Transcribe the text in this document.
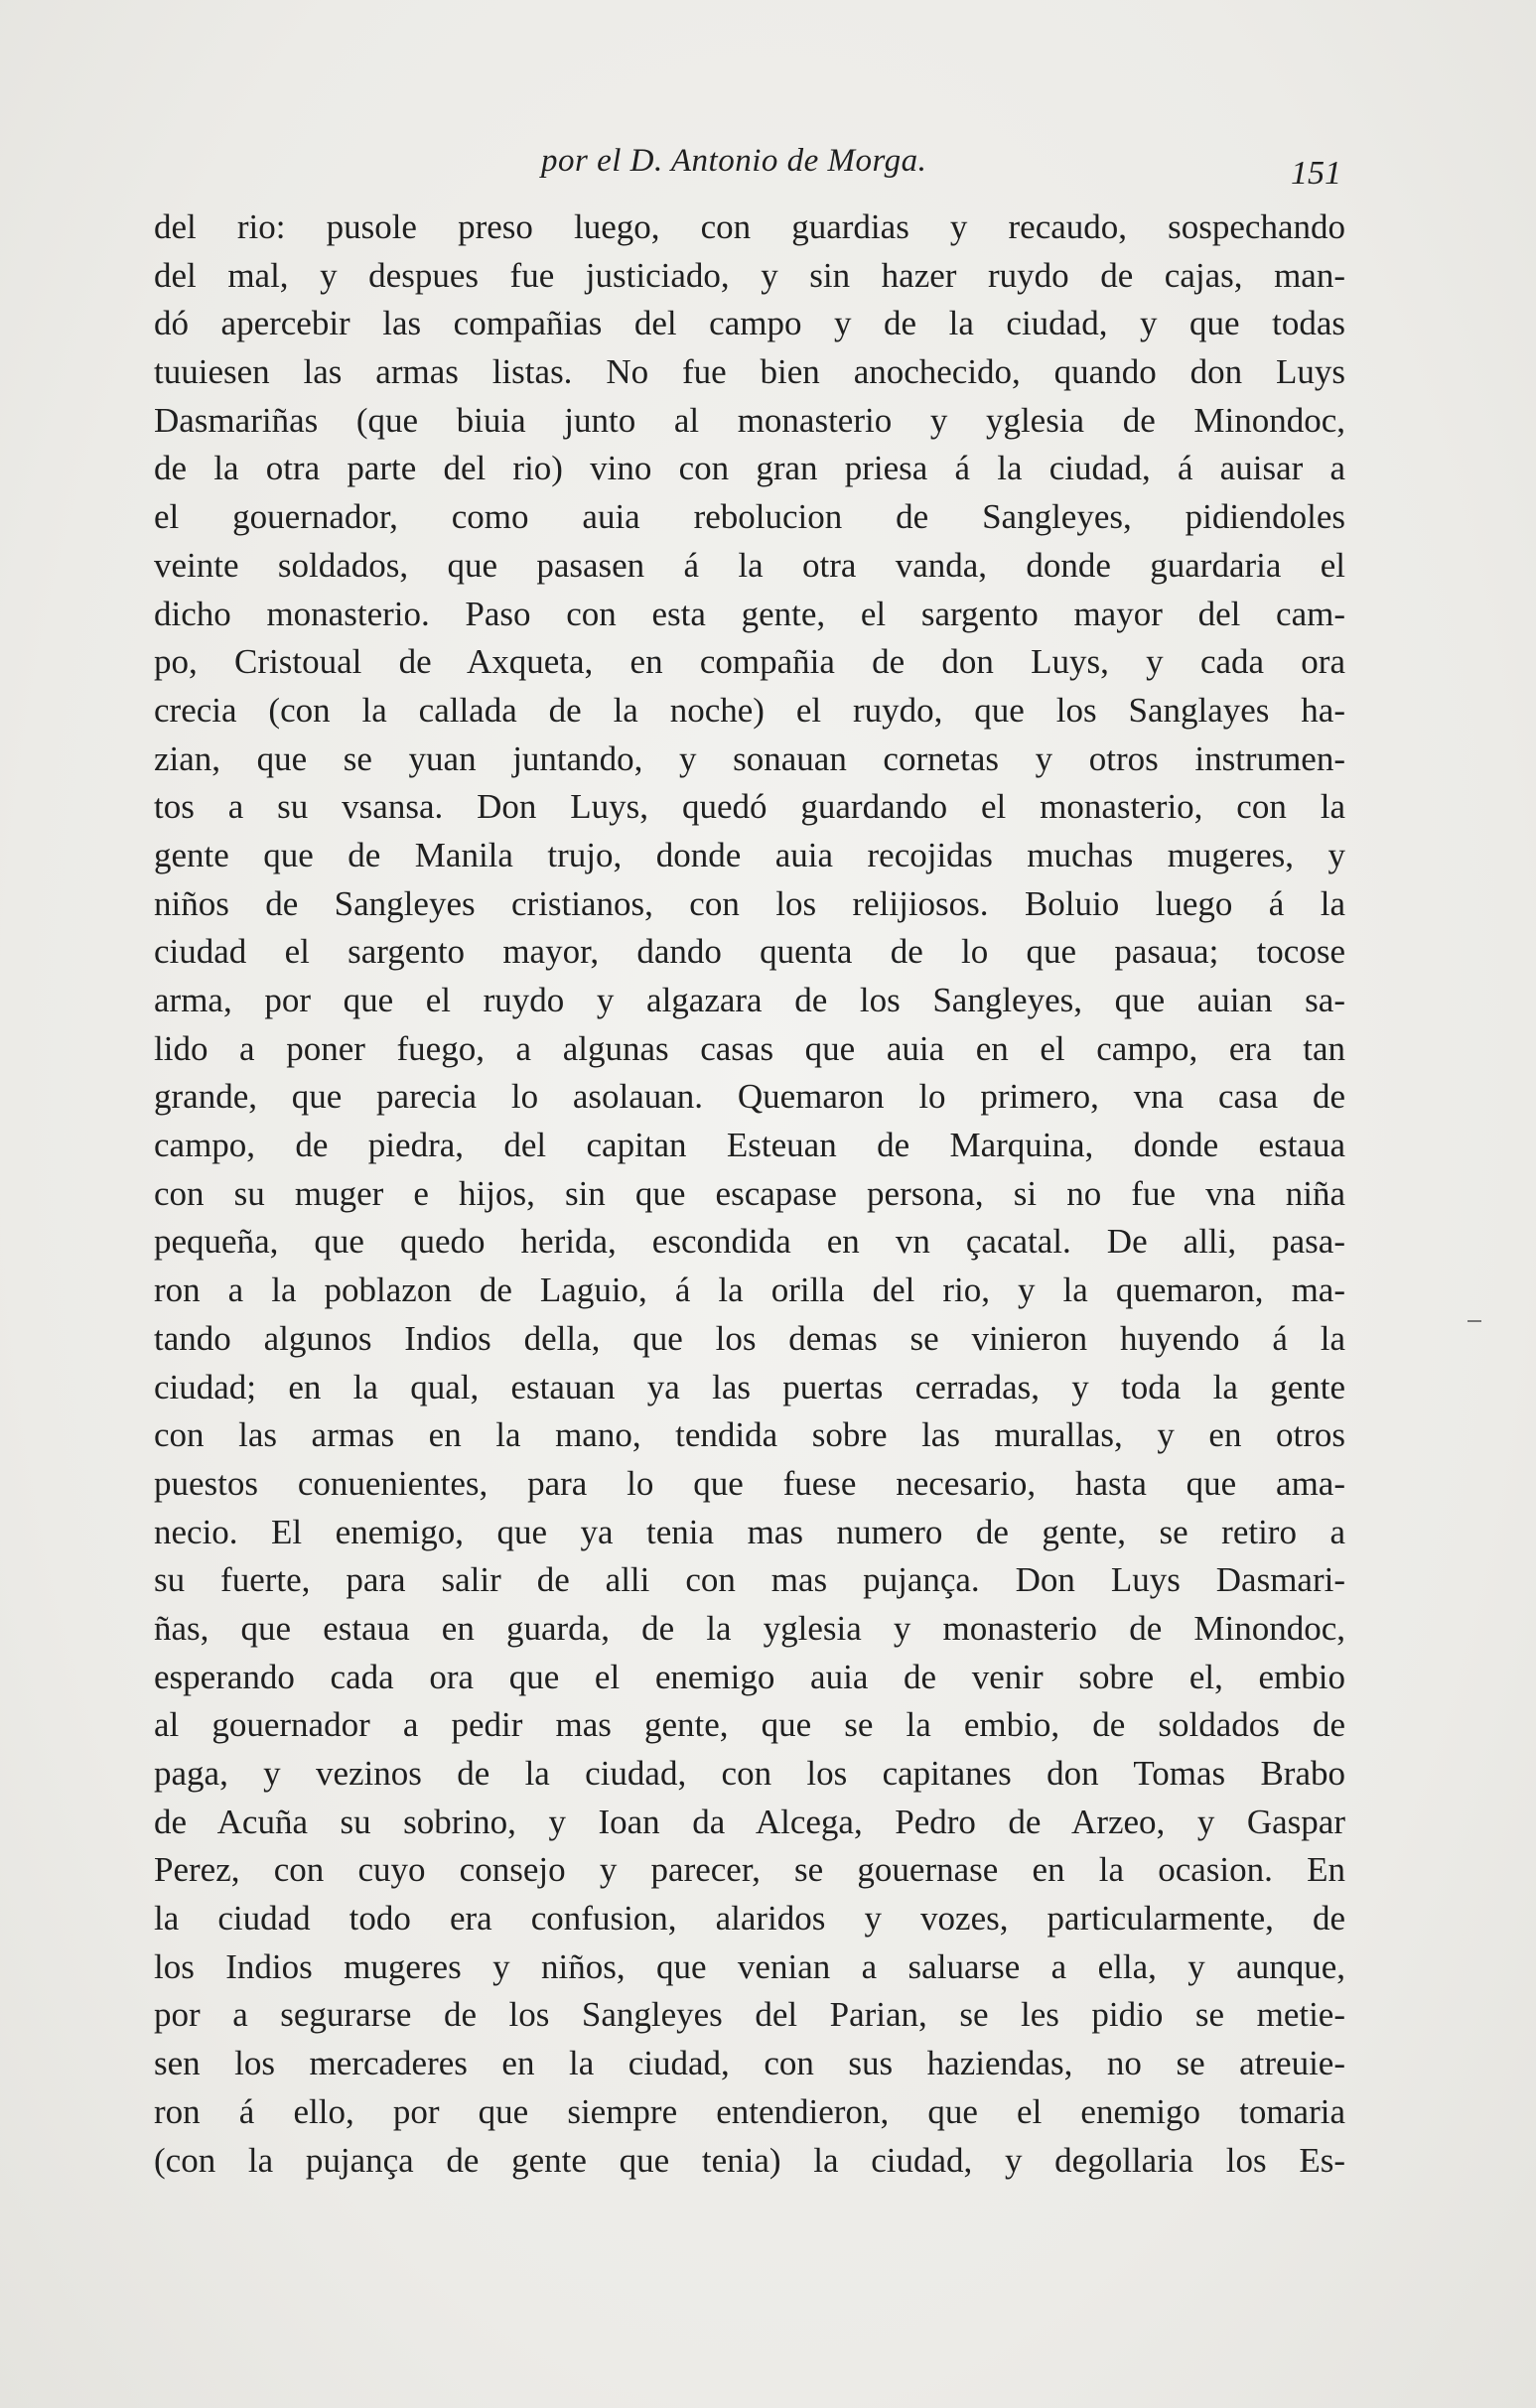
por el D. Antonio de Morga.	151
del rio: pusole preso luego, con guardias y recaudo, sospechando
del mal, y despues fue justiciado, y sin hazer ruydo de cajas, man-
dó apercebir las compañias del campo y de la ciudad, y que todas
tuuiesen las armas listas. No fue bien anochecido, quando don Luys
Dasmariñas (que biuia junto al monasterio y yglesia de Minondoc,
de la otra parte del rio) vino con gran priesa á la ciudad, á auisar a
el gouernador, como auia rebolucion de Sangleyes, pidiendoles
veinte soldados, que pasasen á la otra vanda, donde guardaria el
dicho monasterio. Paso con esta gente, el sargento mayor del cam-
po, Cristoual de Axqueta, en compañia de don Luys, y cada ora
crecia (con la callada de la noche) el ruydo, que los Sanglayes ha-
zian, que se yuan juntando, y sonauan cornetas y otros instrumen-
tos a su vsansa. Don Luys, quedó guardando el monasterio, con la
gente que de Manila trujo, donde auia recojidas muchas mugeres, y
niños de Sangleyes cristianos, con los relijiosos. Boluio luego á la
ciudad el sargento mayor, dando quenta de lo que pasaua; tocose
arma, por que el ruydo y algazara de los Sangleyes, que auian sa-
lido a poner fuego, a algunas casas que auia en el campo, era tan
grande, que parecia lo asolauan. Quemaron lo primero, vna casa de
campo, de piedra, del capitan Esteuan de Marquina, donde estaua
con su muger e hijos, sin que escapase persona, si no fue vna niña
pequeña, que quedo herida, escondida en vn çacatal. De alli, pasa-
ron a la poblazon de Laguio, á la orilla del rio, y la quemaron, ma-
tando algunos Indios della, que los demas se vinieron huyendo á la
ciudad; en la qual, estauan ya las puertas cerradas, y toda la gente
con las armas en la mano, tendida sobre las murallas, y en otros
puestos conuenientes, para lo que fuese necesario, hasta que ama-
necio. El enemigo, que ya tenia mas numero de gente, se retiro a
su fuerte, para salir de alli con mas pujança. Don Luys Dasmari-
ñas, que estaua en guarda, de la yglesia y monasterio de Minondoc,
esperando cada ora que el enemigo auia de venir sobre el, embio
al gouernador a pedir mas gente, que se la embio, de soldados de
paga, y vezinos de la ciudad, con los capitanes don Tomas Brabo
de Acuña su sobrino, y Ioan da Alcega, Pedro de Arzeo, y Gaspar
Perez, con cuyo consejo y parecer, se gouernase en la ocasion. En
la ciudad todo era confusion, alaridos y vozes, particularmente, de
los Indios mugeres y niños, que venian a saluarse a ella, y aunque,
por a segurarse de los Sangleyes del Parian, se les pidio se metie-
sen los mercaderes en la ciudad, con sus haziendas, no se atreuie-
ron á ello, por que siempre entendieron, que el enemigo tomaria
(con la pujança de gente que tenia) la ciudad, y degollaria los Es-
